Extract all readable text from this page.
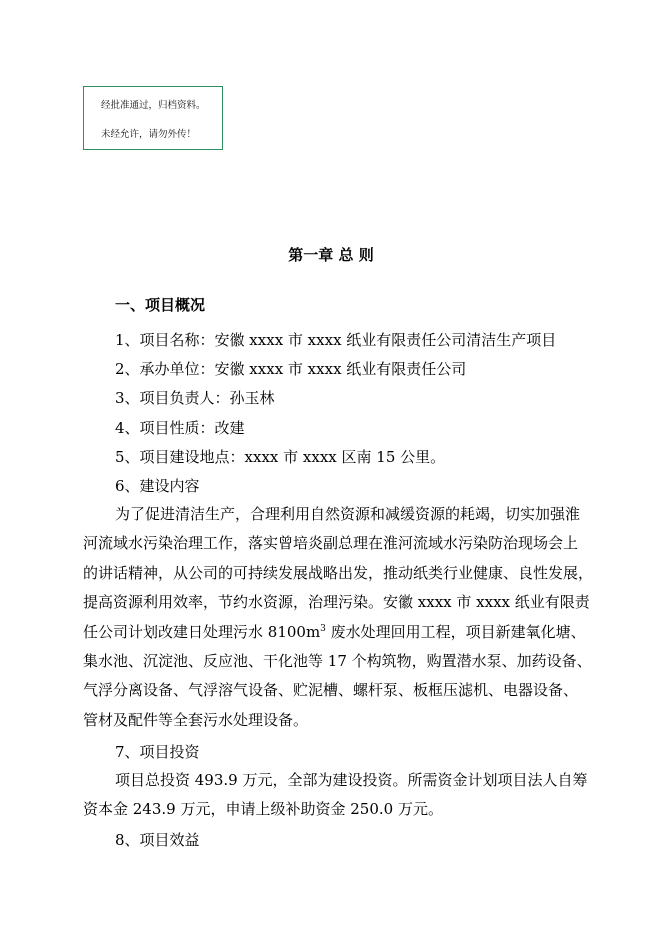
经批准通过，归档资料。
未经允许，请勿外传！
第一章 总 则
一、项目概况
1、项目名称：安徽 xxxx 市 xxxx 纸业有限责任公司清洁生产项目
2、承办单位：安徽 xxxx 市 xxxx 纸业有限责任公司
3、项目负责人：孙玉林
4、项目性质：改建
5、项目建设地点：xxxx 市 xxxx 区南 15 公里。
6、建设内容
为了促进清洁生产，合理利用自然资源和减缓资源的耗竭，切实加强淮
河流域水污染治理工作，落实曾培炎副总理在淮河流域水污染防治现场会上
的讲话精神，从公司的可持续发展战略出发，推动纸类行业健康、良性发展，
提高资源利用效率，节约水资源，治理污染。安徽 xxxx 市 xxxx 纸业有限责
任公司计划改建日处理污水 $8100m^3$ 废水处理回用工程，项目新建氧化塘、
集水池、沉淀池、反应池、干化池等 17 个构筑物，购置潜水泵、加药设备、
气浮分离设备、气浮溶气设备、贮泥槽、螺杆泵、板框压滤机、电器设备、
管材及配件等全套污水处理设备。
7、项目投资
项目总投资 493.9 万元，全部为建设投资。所需资金计划项目法人自筹
资本金 243.9 万元，申请上级补助资金 250.0 万元。
8、项目效益
